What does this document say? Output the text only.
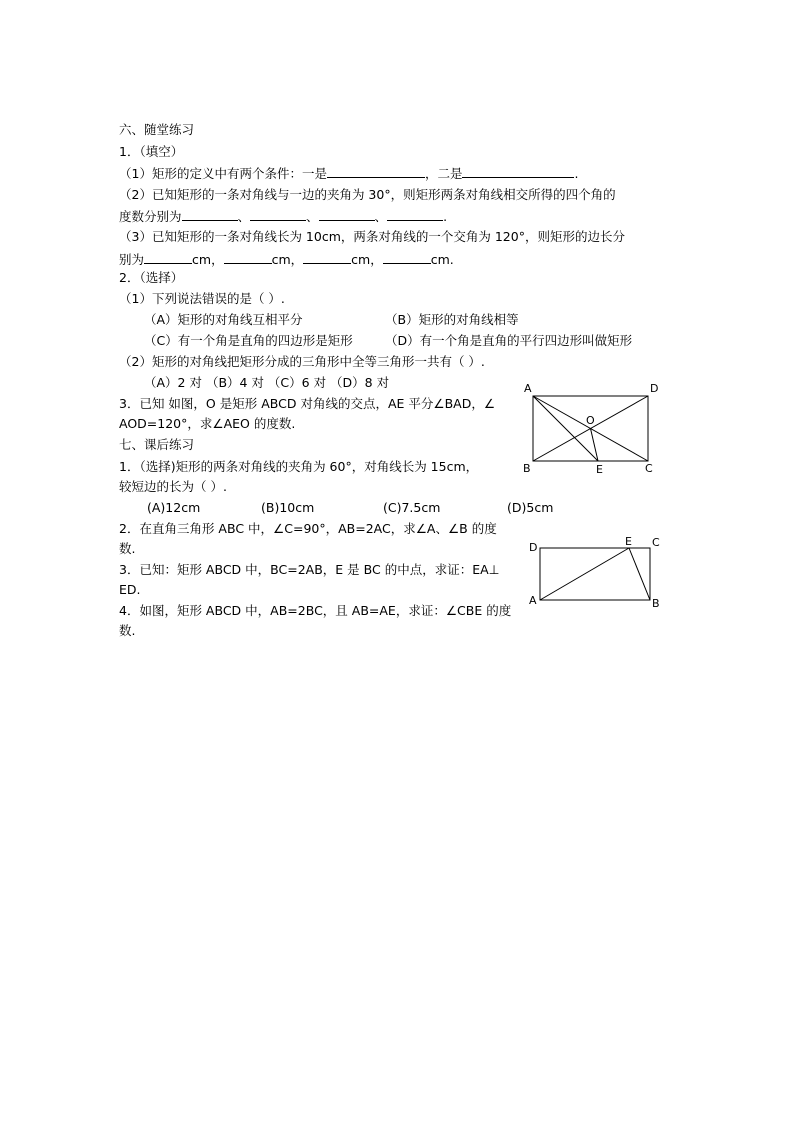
六、随堂练习
1．（填空）
（1）矩形的定义中有两个条件：一是	，二是	.
（2）已知矩形的一条对角线与一边的夹角为 30°，则矩形两条对角线相交所得的四个角的
度数分别为	、	、	、	.
（3）已知矩形的一条对角线长为 10cm，两条对角线的一个交角为 120°，则矩形的边长分
别为	cm，	cm，	cm，	cm.
2．（选择）
（1）下列说法错误的是（ ）.
（A）矩形的对角线互相平分	（B）矩形的对角线相等
（C）有一个角是直角的四边形是矩形	（D）有一个角是直角的平行四边形叫做矩形
（2）矩形的对角线把矩形分成的三角形中全等三角形一共有（ ）.
（A）2 对 （B）4 对 （C）6 对 （D）8 对
3．已知 如图，O 是矩形 ABCD 对角线的交点，AE 平分∠BAD，∠
AOD=120°，求∠AEO 的度数.
七、课后练习
1．（选择)矩形的两条对角线的夹角为 60°，对角线长为 15cm，
较短边的长为（ ）.
(A)12cm	(B)10cm	(C)7.5cm	(D)5cm
2．在直角三角形 ABC 中，∠C=90°，AB=2AC，求∠A、∠B 的度
数.
3．已知：矩形 ABCD 中，BC=2AB，E 是 BC 的中点，求证：EA⊥
ED.
4．如图，矩形 ABCD 中，AB=2BC，且 AB=AE，求证：∠CBE 的度
数.
A	D
O
B	E	C
D	E C
A	B
